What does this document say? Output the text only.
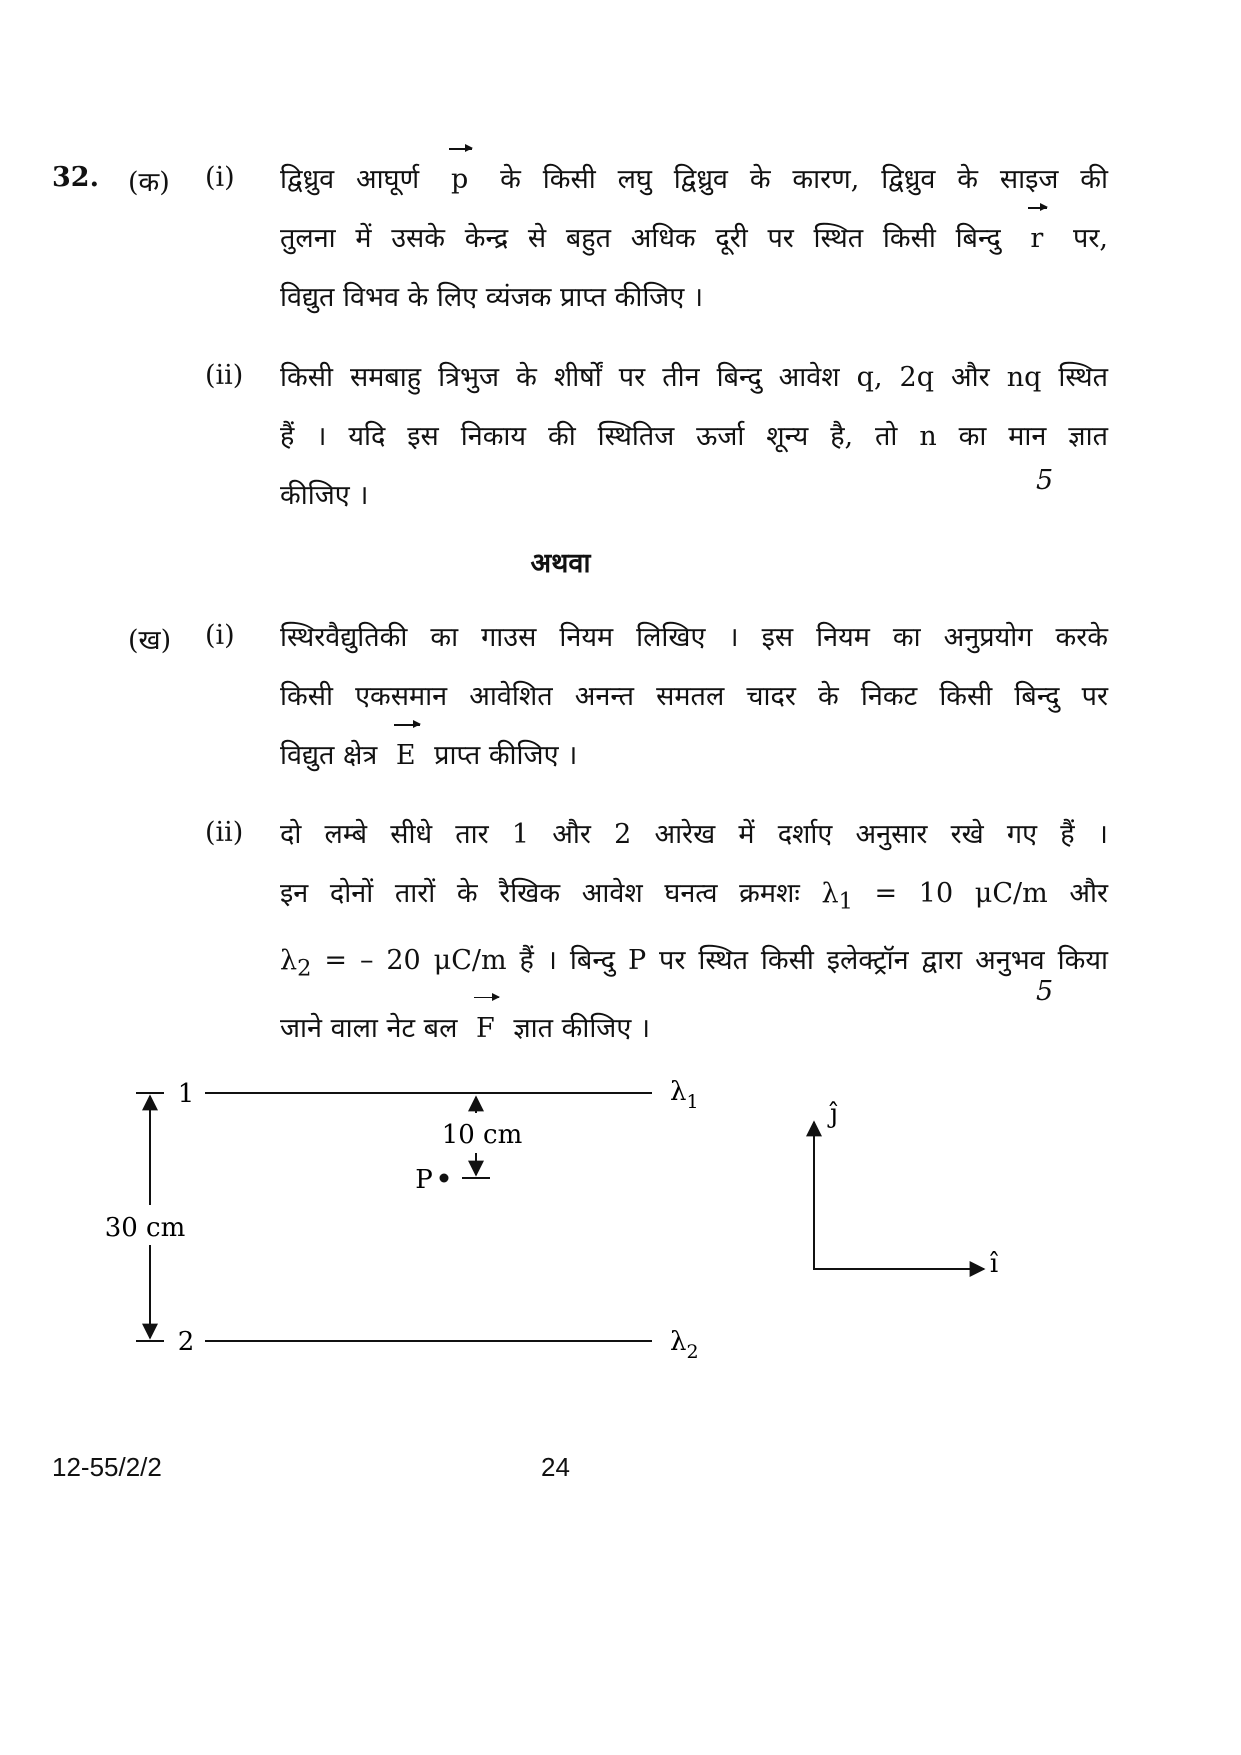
32. (क) (i) द्विध्रुव आघूर्ण p के किसी लघु द्विध्रुव के कारण, द्विध्रुव के साइज की
तुलना में उसके केन्द्र से बहुत अधिक दूरी पर स्थित किसी बिन्दु r पर,
विद्युत विभव के लिए व्यंजक प्राप्त कीजिए ।
(ii) किसी समबाहु त्रिभुज के शीर्षों पर तीन बिन्दु आवेश q, 2q और nq स्थित
हैं । यदि इस निकाय की स्थितिज ऊर्जा शून्य है, तो n का मान ज्ञात
कीजिए ।	5
अथवा
(ख) (i) स्थिरवैद्युतिकी का गाउस नियम लिखिए । इस नियम का अनुप्रयोग करके
किसी एकसमान आवेशित अनन्त समतल चादर के निकट किसी बिन्दु पर
विद्युत क्षेत्र E प्राप्त कीजिए ।
(ii) दो लम्बे सीधे तार 1 और 2 आरेख में दर्शाए अनुसार रखे गए हैं ।
इन दोनों तारों के रैखिक आवेश घनत्व क्रमशः $\lambda_1 = 10$ μC/m और
$\lambda_2$ = – 20 μC/m हैं । बिन्दु P पर स्थित किसी इलेक्ट्रॉन द्वारा अनुभव किया
जाने वाला नेट बल F ज्ञात कीजिए ।
5
1	$\lambda_1$
2	$\lambda_2$
30 cm
10 cm
P
ĵ
î
12-55/2/2	24
